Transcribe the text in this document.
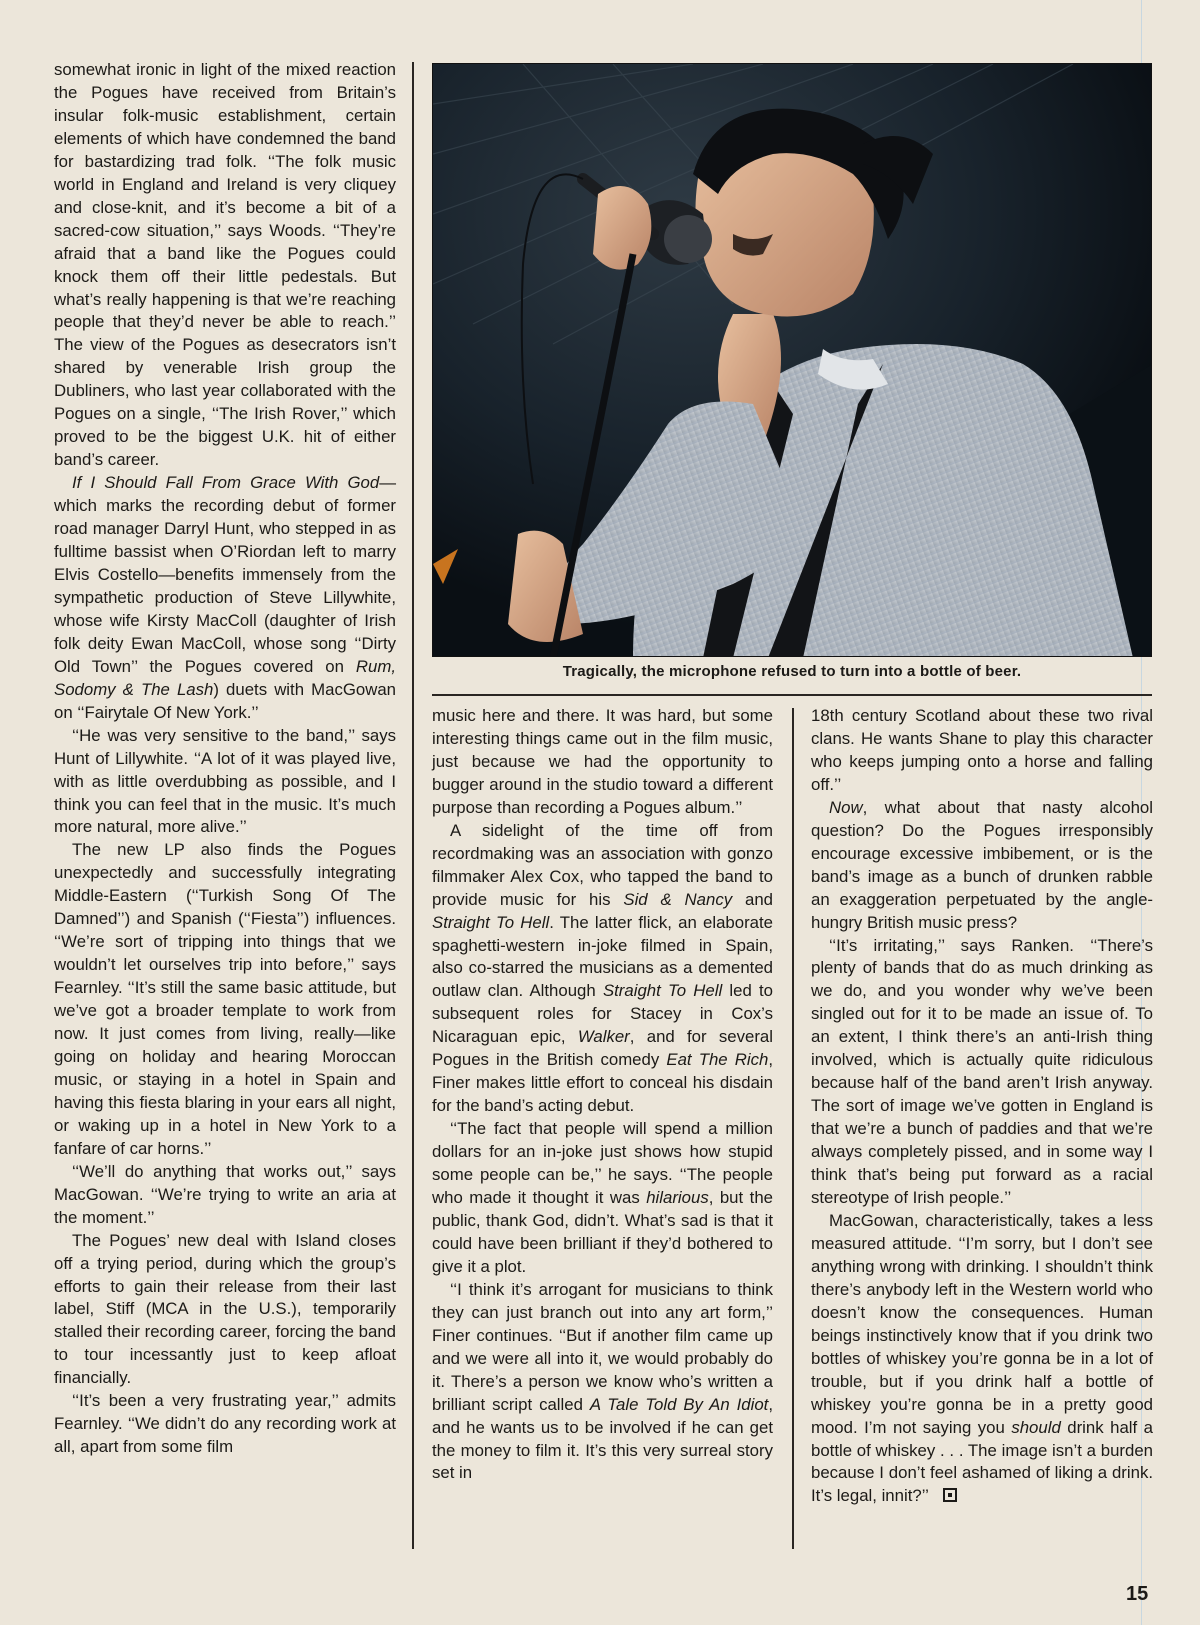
somewhat ironic in light of the mixed reaction the Pogues have received from Britain’s insular folk-music establishment, certain elements of which have condemned the band for bastardizing trad folk. ‘‘The folk music world in England and Ireland is very cliquey and close-knit, and it’s become a bit of a sacred-cow situation,’’ says Woods. ‘‘They’re afraid that a band like the Pogues could knock them off their little pedestals. But what’s really happening is that we’re reaching people that they’d never be able to reach.’’ The view of the Pogues as desecrators isn’t shared by venerable Irish group the Dubliners, who last year collaborated with the Pogues on a single, ‘‘The Irish Rover,’’ which proved to be the biggest U.K. hit of either band’s career.

If I Should Fall From Grace With God—which marks the recording debut of former road manager Darryl Hunt, who stepped in as fulltime bassist when O’Riordan left to marry Elvis Costello—benefits immensely from the sympathetic production of Steve Lillywhite, whose wife Kirsty MacColl (daughter of Irish folk deity Ewan MacColl, whose song ‘‘Dirty Old Town’’ the Pogues covered on Rum, Sodomy & The Lash) duets with MacGowan on ‘‘Fairytale Of New York.’’

‘‘He was very sensitive to the band,’’ says Hunt of Lillywhite. ‘‘A lot of it was played live, with as little overdubbing as possible, and I think you can feel that in the music. It’s much more natural, more alive.’’

The new LP also finds the Pogues unexpectedly and successfully integrating Middle-Eastern (‘‘Turkish Song Of The Damned’’) and Spanish (‘‘Fiesta’’) influences. ‘‘We’re sort of tripping into things that we wouldn’t let ourselves trip into before,’’ says Fearnley. ‘‘It’s still the same basic attitude, but we’ve got a broader template to work from now. It just comes from living, really—like going on holiday and hearing Moroccan music, or staying in a hotel in Spain and having this fiesta blaring in your ears all night, or waking up in a hotel in New York to a fanfare of car horns.’’

‘‘We’ll do anything that works out,’’ says MacGowan. ‘‘We’re trying to write an aria at the moment.’’

The Pogues’ new deal with Island closes off a trying period, during which the group’s efforts to gain their release from their last label, Stiff (MCA in the U.S.), temporarily stalled their recording career, forcing the band to tour incessantly just to keep afloat financially.

‘‘It’s been a very frustrating year,’’ admits Fearnley. ‘‘We didn’t do any recording work at all, apart from some film

Tragically, the microphone refused to turn into a bottle of beer.

music here and there. It was hard, but some interesting things came out in the film music, just because we had the opportunity to bugger around in the studio toward a different purpose than recording a Pogues album.’’

A sidelight of the time off from recordmaking was an association with gonzo filmmaker Alex Cox, who tapped the band to provide music for his Sid & Nancy and Straight To Hell. The latter flick, an elaborate spaghetti-western in-joke filmed in Spain, also co-starred the musicians as a demented outlaw clan. Although Straight To Hell led to subsequent roles for Stacey in Cox’s Nicaraguan epic, Walker, and for several Pogues in the British comedy Eat The Rich, Finer makes little effort to conceal his disdain for the band’s acting debut.

‘‘The fact that people will spend a million dollars for an in-joke just shows how stupid some people can be,’’ he says. ‘‘The people who made it thought it was hilarious, but the public, thank God, didn’t. What’s sad is that it could have been brilliant if they’d bothered to give it a plot.

‘‘I think it’s arrogant for musicians to think they can just branch out into any art form,’’ Finer continues. ‘‘But if another film came up and we were all into it, we would probably do it. There’s a person we know who’s written a brilliant script called A Tale Told By An Idiot, and he wants us to be involved if he can get the money to film it. It’s this very surreal story set in

18th century Scotland about these two rival clans. He wants Shane to play this character who keeps jumping onto a horse and falling off.’’

Now, what about that nasty alcohol question? Do the Pogues irresponsibly encourage excessive imbibement, or is the band’s image as a bunch of drunken rabble an exaggeration perpetuated by the angle-hungry British music press?

‘‘It’s irritating,’’ says Ranken. ‘‘There’s plenty of bands that do as much drinking as we do, and you wonder why we’ve been singled out for it to be made an issue of. To an extent, I think there’s an anti-Irish thing involved, which is actually quite ridiculous because half of the band aren’t Irish anyway. The sort of image we’ve gotten in England is that we’re a bunch of paddies and that we’re always completely pissed, and in some way I think that’s being put forward as a racial stereotype of Irish people.’’

MacGowan, characteristically, takes a less measured attitude. ‘‘I’m sorry, but I don’t see anything wrong with drinking. I shouldn’t think there’s anybody left in the Western world who doesn’t know the consequences. Human beings instinctively know that if you drink two bottles of whiskey you’re gonna be in a lot of trouble, but if you drink half a bottle of whiskey you’re gonna be in a pretty good mood. I’m not saying you should drink half a bottle of whiskey . . . The image isn’t a burden because I don’t feel ashamed of liking a drink. It’s legal, innit?’’

15
